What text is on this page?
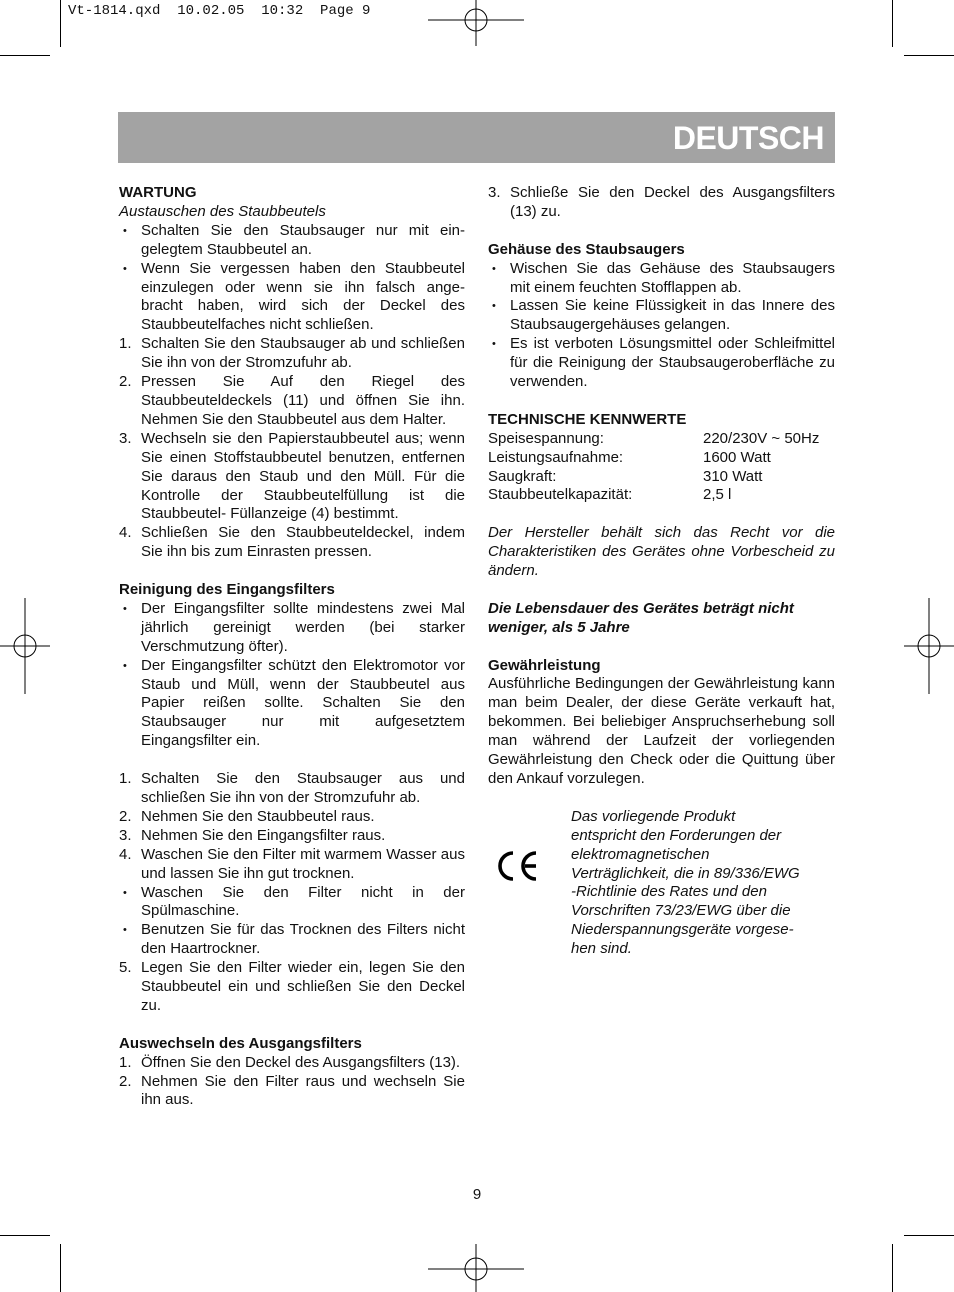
Vt-1814.qxd  10.02.05  10:32  Page 9
DEUTSCH

WARTUNG

Austauschen des Staubbeutels

• Schalten Sie den Staubsauger nur mit ein- gelegtem Staubbeutel an.
• Wenn Sie vergessen haben den Staubbeutel einzulegen oder wenn sie ihn falsch ange- bracht haben, wird sich der Deckel des Staubbeutelfaches nicht schließen.
1. Schalten Sie den Staubsauger ab und schließen Sie ihn von der Stromzufuhr ab.
2. Pressen Sie Auf den Riegel des Staubbeuteldeckels (11) und öffnen Sie ihn. Nehmen Sie den Staubbeutel aus dem Halter.
3. Wechseln sie den Papierstaubbeutel aus; wenn Sie einen Stoffstaubbeutel benutzen, entfernen Sie daraus den Staub und den Müll. Für die Kontrolle der Staubbeutelfüllung ist die Staubbeutel- Füllanzeige (4) bestimmt.
4. Schließen Sie den Staubbeuteldeckel, indem Sie ihn bis zum Einrasten pressen.

Reinigung des Eingangsfilters

• Der Eingangsfilter sollte mindestens zwei Mal jährlich gereinigt werden (bei starker Verschmutzung öfter).
• Der Eingangsfilter schützt den Elektromotor vor Staub und Müll, wenn der Staubbeutel aus Papier reißen sollte. Schalten Sie den Staubsauger nur mit aufgesetztem Eingangsfilter ein.
1. Schalten Sie den Staubsauger aus und schließen Sie ihn von der Stromzufuhr ab.
2. Nehmen Sie den Staubbeutel raus.
3. Nehmen Sie den Eingangsfilter raus.
4. Waschen Sie den Filter mit warmem Wasser aus und lassen Sie ihn gut trocknen.
• Waschen Sie den Filter nicht in der Spülmaschine.
• Benutzen Sie für das Trocknen des Filters nicht den Haartrockner.
5. Legen Sie den Filter wieder ein, legen Sie den Staubbeutel ein und schließen Sie den Deckel zu.

Auswechseln des Ausgangsfilters

1. Öffnen Sie den Deckel des Ausgangsfilters (13).
2. Nehmen Sie den Filter raus und wechseln Sie ihn aus.
3. Schließe Sie den Deckel des Ausgangsfilters (13) zu.

Gehäuse des Staubsaugers

• Wischen Sie das Gehäuse des Staubsaugers mit einem feuchten Stofflappen ab.
• Lassen Sie keine Flüssigkeit in das Innere des Staubsaugergehäuses gelangen.
• Es ist verboten Lösungsmittel oder Schleifmittel für die Reinigung der Staubsaugeroberfläche zu verwenden.

TECHNISCHE KENNWERTE

Speisespannung:	220/230V ~ 50Hz
Leistungsaufnahme:	1600 Watt
Saugkraft:	310 Watt
Staubbeutelkapazität:	2,5 l

Der Hersteller behält sich das Recht vor die Charakteristiken des Gerätes ohne Vorbescheid zu ändern.

Die Lebensdauer des Gerätes beträgt nicht weniger, als 5 Jahre

Gewährleistung

Ausführliche Bedingungen der Gewährleistung kann man beim Dealer, der diese Geräte verkauft hat, bekommen. Bei beliebiger Anspruchserhebung soll man während der Laufzeit der vorliegenden Gewährleistung den Check oder die Quittung über den Ankauf vorzulegen.

Das vorliegende Produkt
entspricht den Forderungen der
elektromagnetischen
Verträglichkeit, die in 89/336/EWG
-Richtlinie des Rates und den
Vorschriften 73/23/EWG über die
Niederspannungsgeräte vorgese-
hen sind.
9
